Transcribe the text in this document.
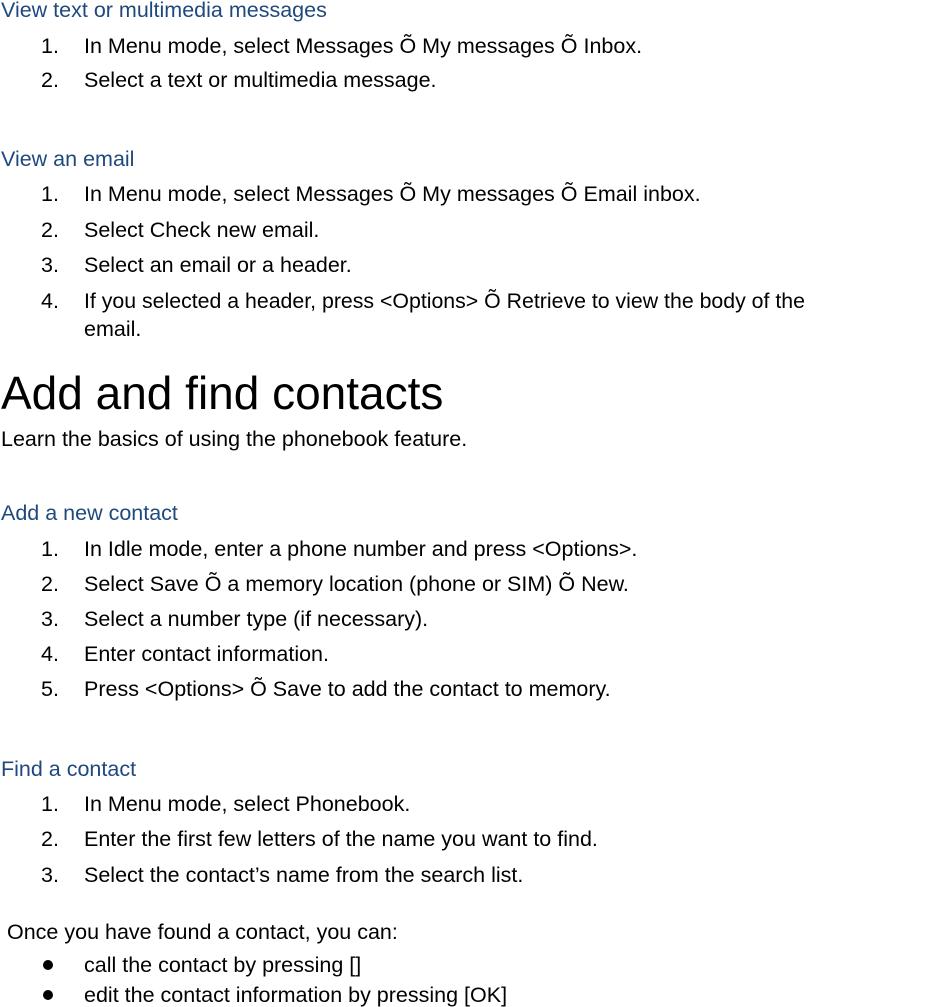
View text or multimedia messages
1. In Menu mode, select Messages Õ My messages Õ Inbox.
2. Select a text or multimedia message.
View an email
1. In Menu mode, select Messages Õ My messages Õ Email inbox.
2. Select Check new email.
3. Select an email or a header.
4. If you selected a header, press <Options> Õ Retrieve to view the body of the
email.
Add and find contacts
Learn the basics of using the phonebook feature.
Add a new contact
1. In Idle mode, enter a phone number and press <Options>.
2. Select Save Õ a memory location (phone or SIM) Õ New.
3. Select a number type (if necessary).
4. Enter contact information.
5. Press <Options> Õ Save to add the contact to memory.
Find a contact
1. In Menu mode, select Phonebook.
2. Enter the first few letters of the name you want to find.
3. Select the contact’s name from the search list.
Once you have found a contact, you can:
call the contact by pressing []
edit the contact information by pressing [OK]
